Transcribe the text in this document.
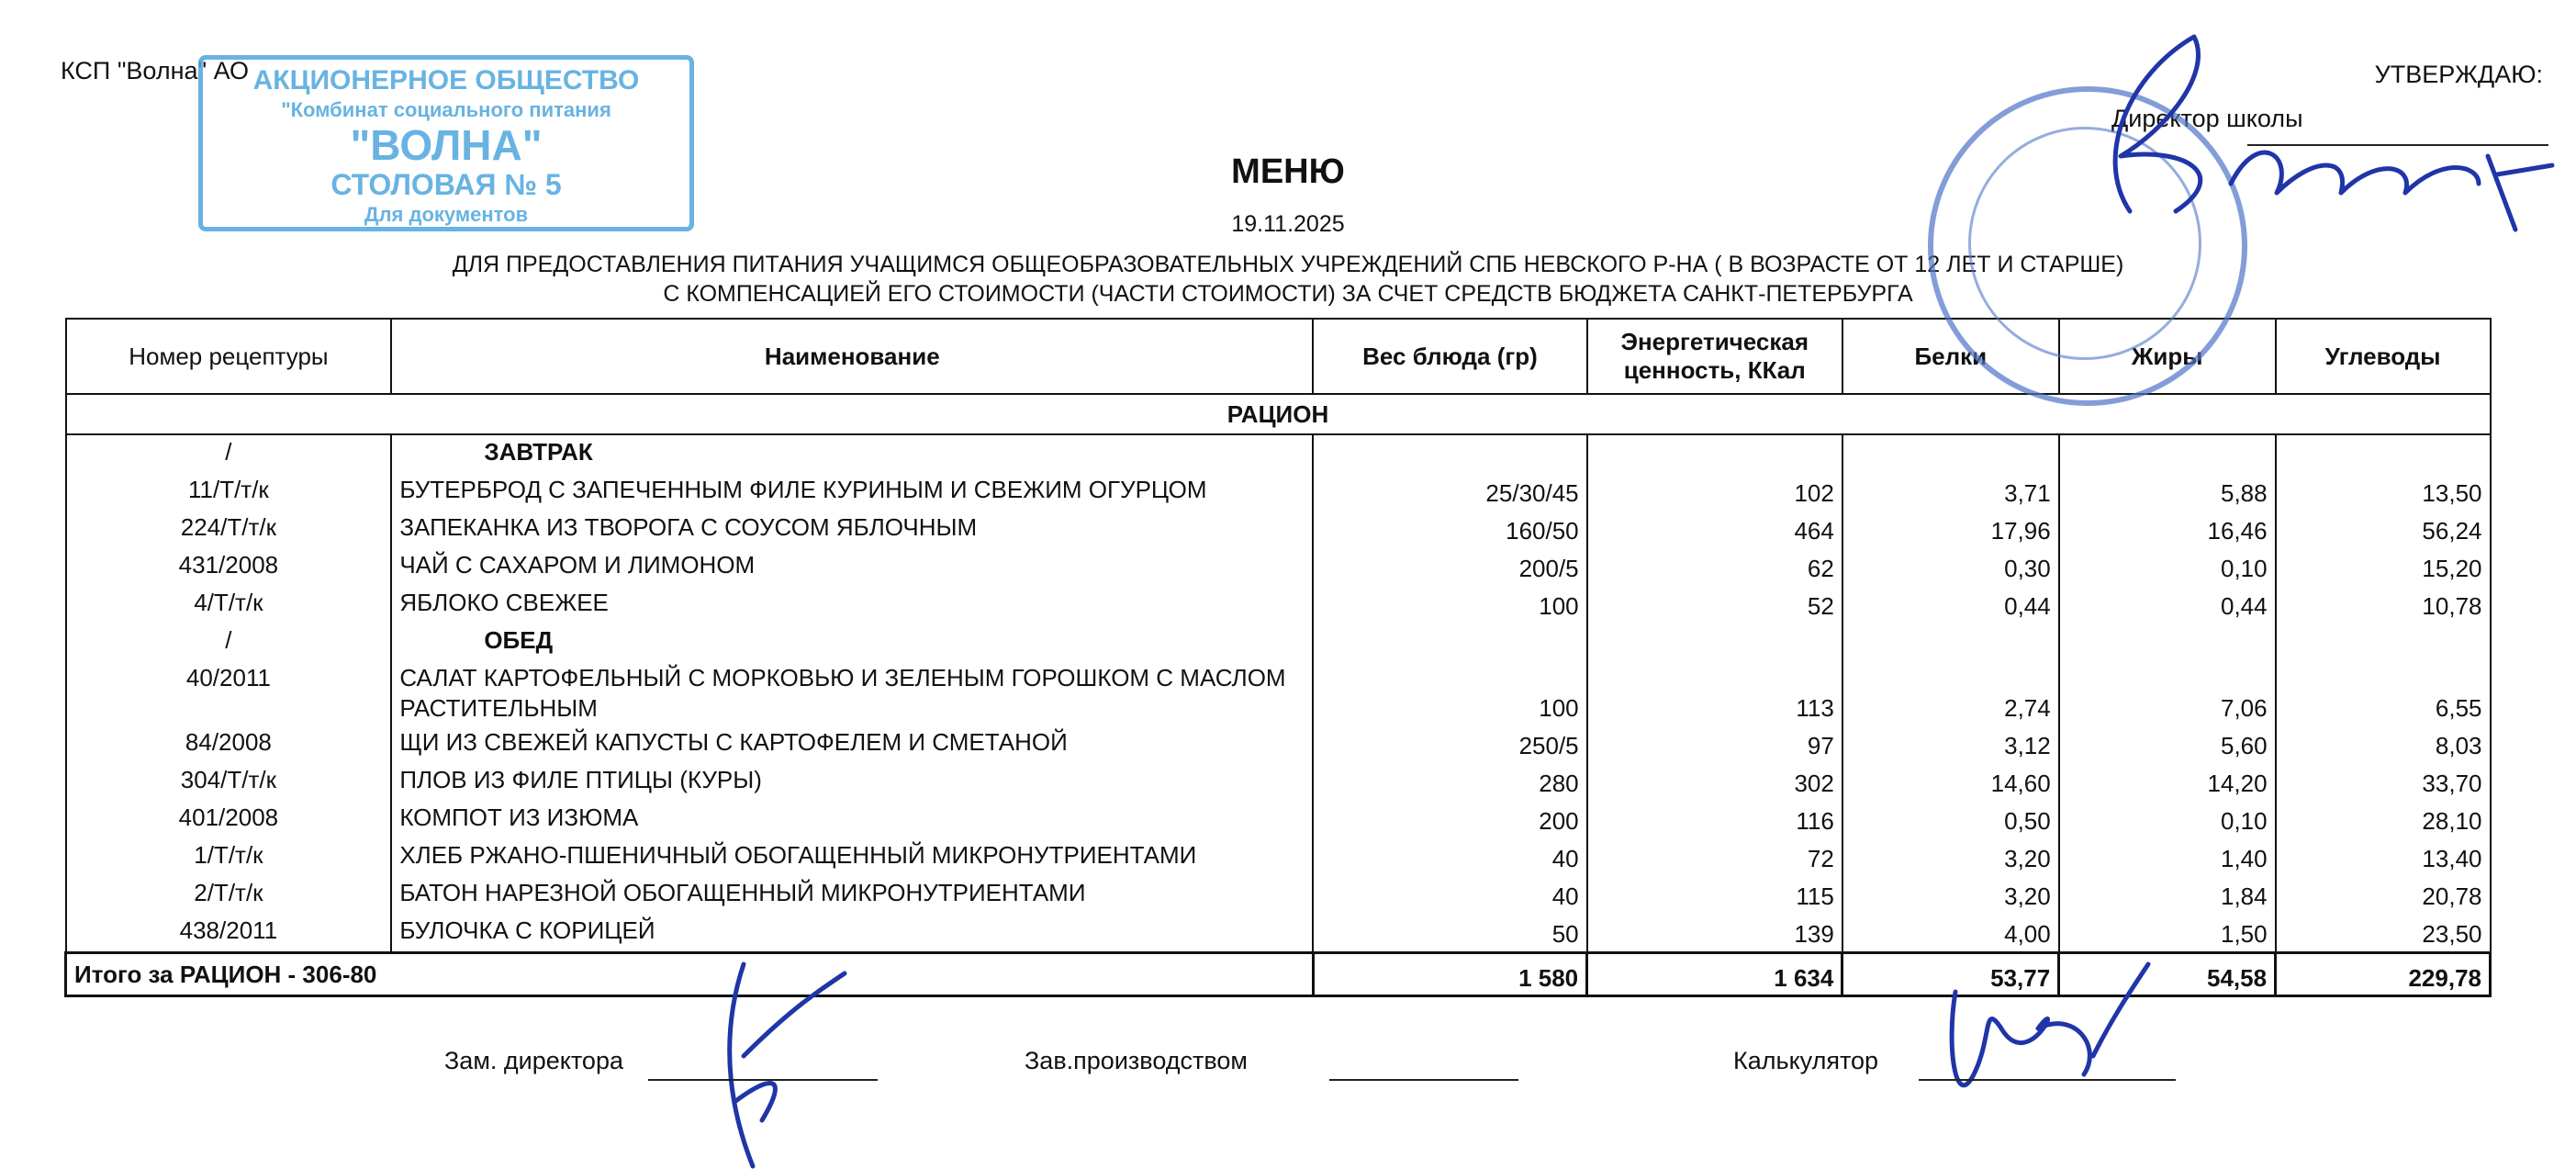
КСП "Волна" АО	УТВЕРЖДАЮ:
Директор школы
МЕНЮ
19.11.2025
ДЛЯ ПРЕДОСТАВЛЕНИЯ ПИТАНИЯ УЧАЩИМСЯ ОБЩЕОБРАЗОВАТЕЛЬНЫХ УЧРЕЖДЕНИЙ СПБ НЕВСКОГО Р-НА ( В ВОЗРАСТЕ ОТ 12 ЛЕТ И СТАРШЕ)
С КОМПЕНСАЦИЕЙ ЕГО СТОИМОСТИ (ЧАСТИ СТОИМОСТИ) ЗА СЧЕТ СРЕДСТВ БЮДЖЕТА САНКТ-ПЕТЕРБУРГА
АКЦИОНЕРНОЕ ОБЩЕСТВО
"Комбинат социального питания
"ВОЛНА"
СТОЛОВАЯ № 5
Для документов
Номер рецептуры	Наименование	Вес блюда (гр)	Энергетическая ценность, ККал	Белки	Жиры	Углеводы
РАЦИОН						
/	ЗАВТРАК					
11/Т/т/к	БУТЕРБРОД С ЗАПЕЧЕННЫМ ФИЛЕ КУРИНЫМ И СВЕЖИМ ОГУРЦОМ	25/30/45	102	3,71	5,88	13,50
224/Т/т/к	ЗАПЕКАНКА ИЗ ТВОРОГА С СОУСОМ ЯБЛОЧНЫМ	160/50	464	17,96	16,46	56,24
431/2008	ЧАЙ С САХАРОМ И ЛИМОНОМ	200/5	62	0,30	0,10	15,20
4/Т/т/к	ЯБЛОКО СВЕЖЕЕ	100	52	0,44	0,44	10,78
/	ОБЕД					
40/2011	САЛАТ КАРТОФЕЛЬНЫЙ С МОРКОВЬЮ И ЗЕЛЕНЫМ ГОРОШКОМ С МАСЛОМ РАСТИТЕЛЬНЫМ	100	113	2,74	7,06	6,55
84/2008	ЩИ ИЗ СВЕЖЕЙ КАПУСТЫ С КАРТОФЕЛЕМ И СМЕТАНОЙ	250/5	97	3,12	5,60	8,03
304/Т/т/к	ПЛОВ ИЗ ФИЛЕ ПТИЦЫ (КУРЫ)	280	302	14,60	14,20	33,70
401/2008	КОМПОТ ИЗ ИЗЮМА	200	116	0,50	0,10	28,10
1/Т/т/к	ХЛЕБ РЖАНО-ПШЕНИЧНЫЙ ОБОГАЩЕННЫЙ МИКРОНУТРИЕНТАМИ	40	72	3,20	1,40	13,40
2/Т/т/к	БАТОН НАРЕЗНОЙ ОБОГАЩЕННЫЙ МИКРОНУТРИЕНТАМИ	40	115	3,20	1,84	20,78
438/2011	БУЛОЧКА С КОРИЦЕЙ	50	139	4,00	1,50	23,50
Итого за РАЦИОН - 306-80		1 580	1 634	53,77	54,58	229,78
Зам. директора	Зав.производством	Калькулятор
